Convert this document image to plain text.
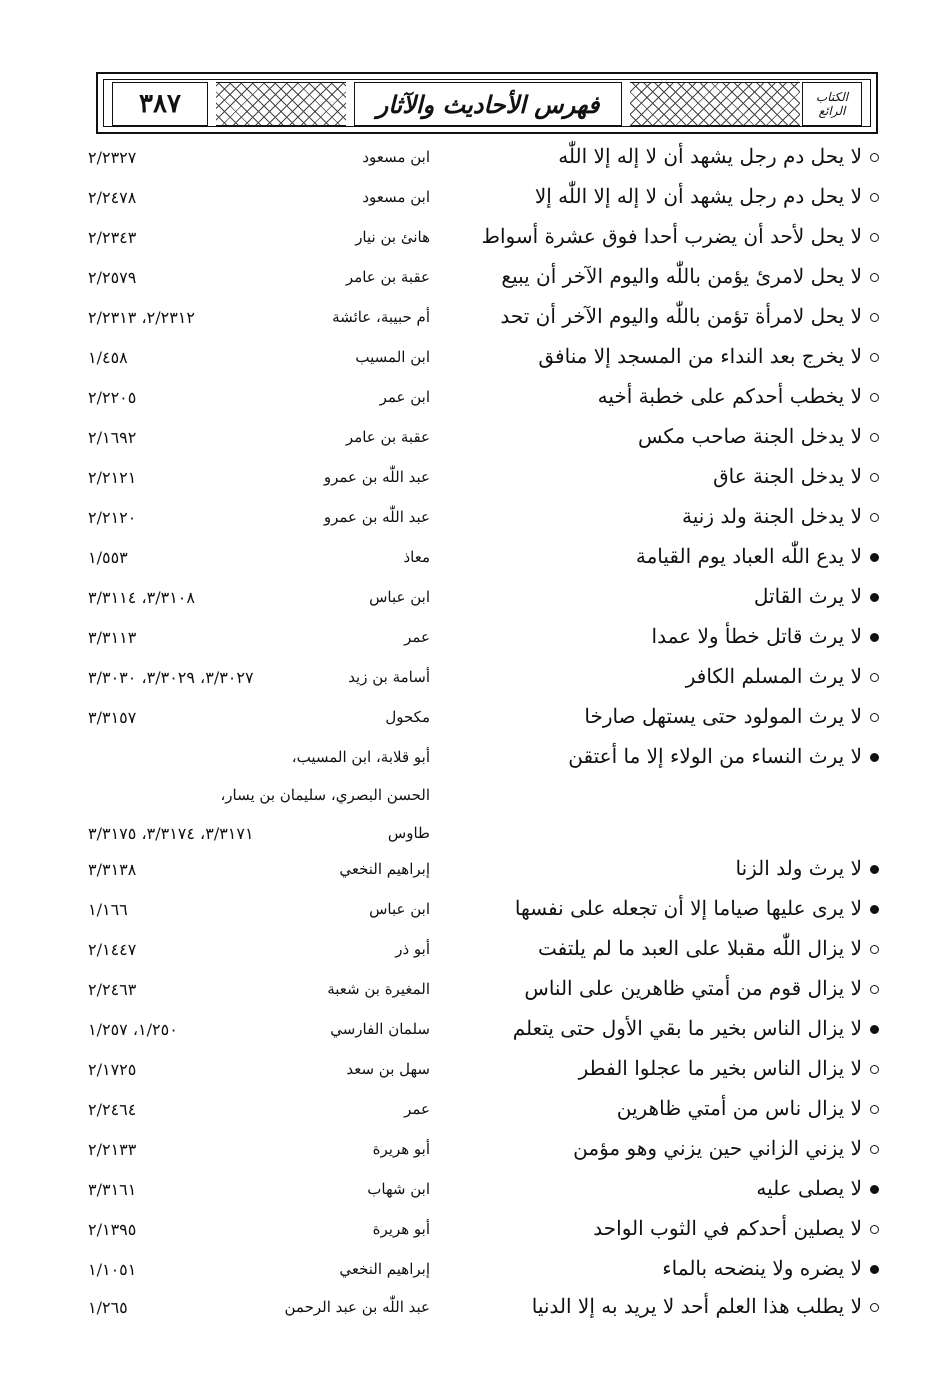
٣٨٧	فهرس الأحاديث والآثار	الكتاب الرائع
لا يحل دم رجل يشهد أن لا إله إلا اللّٰه
ابن مسعود
٢/٢٣٢٧
لا يحل دم رجل يشهد أن لا إله إلا اللّٰه إلا
ابن مسعود
٢/٢٤٧٨
لا يحل لأحد أن يضرب أحدا فوق عشرة أسواط
هانئ بن نيار
٢/٢٣٤٣
لا يحل لامرئ يؤمن باللّٰه واليوم الآخر أن يبيع
عقبة بن عامر
٢/٢٥٧٩
لا يحل لامرأة تؤمن باللّٰه واليوم الآخر أن تحد
أم حبيبة، عائشة
٢/٢٣١٢، ٢/٢٣١٣
لا يخرج بعد النداء من المسجد إلا منافق
ابن المسيب
١/٤٥٨
لا يخطب أحدكم على خطبة أخيه
ابن عمر
٢/٢٢٠٥
لا يدخل الجنة صاحب مكس
عقبة بن عامر
٢/١٦٩٢
لا يدخل الجنة عاق
عبد اللّٰه بن عمرو
٢/٢١٢١
لا يدخل الجنة ولد زنية
عبد اللّٰه بن عمرو
٢/٢١٢٠
لا يدع اللّٰه العباد يوم القيامة
معاذ
١/٥٥٣
لا يرث القاتل
ابن عباس
٣/٣١٠٨، ٣/٣١١٤
لا يرث قاتل خطأ ولا عمدا
عمر
٣/٣١١٣
لا يرث المسلم الكافر
أسامة بن زيد
٣/٣٠٢٧، ٣/٣٠٢٩، ٣/٣٠٣٠
لا يرث المولود حتى يستهل صارخا
مكحول
٣/٣١٥٧
لا يرث النساء من الولاء إلا ما أعتقن
أبو قلابة، ابن المسيب،
الحسن البصري، سليمان بن يسار،
طاوس
٣/٣١٧١، ٣/٣١٧٤، ٣/٣١٧٥
لا يرث ولد الزنا
إبراهيم النخعي
٣/٣١٣٨
لا يرى عليها صياما إلا أن تجعله على نفسها
ابن عباس
١/١٦٦
لا يزال اللّٰه مقبلا على العبد ما لم يلتفت
أبو ذر
٢/١٤٤٧
لا يزال قوم من أمتي ظاهرين على الناس
المغيرة بن شعبة
٢/٢٤٦٣
لا يزال الناس بخير ما بقي الأول حتى يتعلم
سلمان الفارسي
١/٢٥٠، ١/٢٥٧
لا يزال الناس بخير ما عجلوا الفطر
سهل بن سعد
٢/١٧٢٥
لا يزال ناس من أمتي ظاهرين
عمر
٢/٢٤٦٤
لا يزني الزاني حين يزني وهو مؤمن
أبو هريرة
٢/٢١٣٣
لا يصلى عليه
ابن شهاب
٣/٣١٦١
لا يصلين أحدكم في الثوب الواحد
أبو هريرة
٢/١٣٩٥
لا يضره ولا ينضحه بالماء
إبراهيم النخعي
١/١٠٥١
لا يطلب هذا العلم أحد لا يريد به إلا الدنيا
عبد اللّٰه بن عبد الرحمن
١/٢٦٥
